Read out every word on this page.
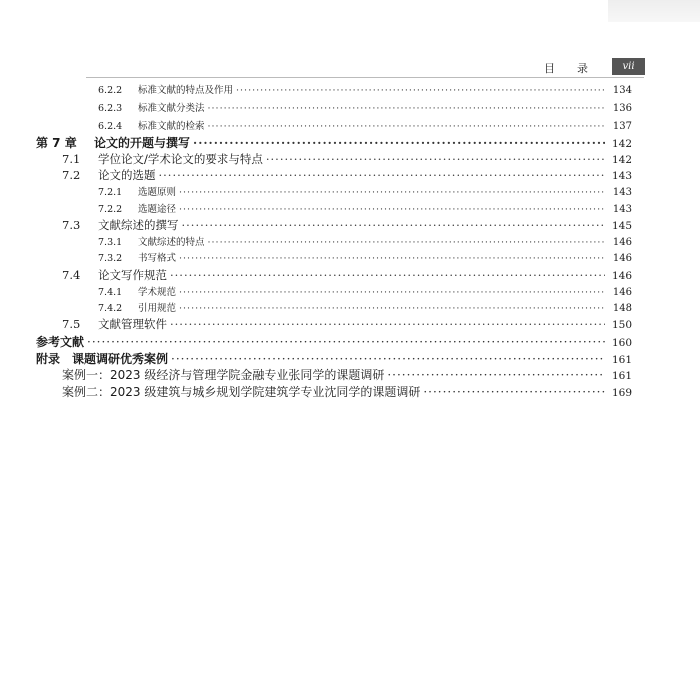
目录	vii
6.2.2	标准文献的特点及作用 ·····	134
6.2.3	标准文献分类法 ·····	136
6.2.4	标准文献的检索 ·····	137
第 7 章	论文的开题与撰写 ·····	142
7.1	学位论文/学术论文的要求与特点 ·····	142
7.2	论文的选题 ·····	143
7.2.1	选题原则 ·····	143
7.2.2	选题途径 ·····	143
7.3	文献综述的撰写 ·····	145
7.3.1	文献综述的特点 ·····	146
7.3.2	书写格式 ·····	146
7.4	论文写作规范 ·····	146
7.4.1	学术规范 ·····	146
7.4.2	引用规范 ·····	148
7.5	文献管理软件 ·····	150
参考文献 ·····	160
附录　课题调研优秀案例 ·····	161
案例一：2023 级经济与管理学院金融专业张同学的课题调研 ·····	161
案例二：2023 级建筑与城乡规划学院建筑学专业沈同学的课题调研 ·····	169
